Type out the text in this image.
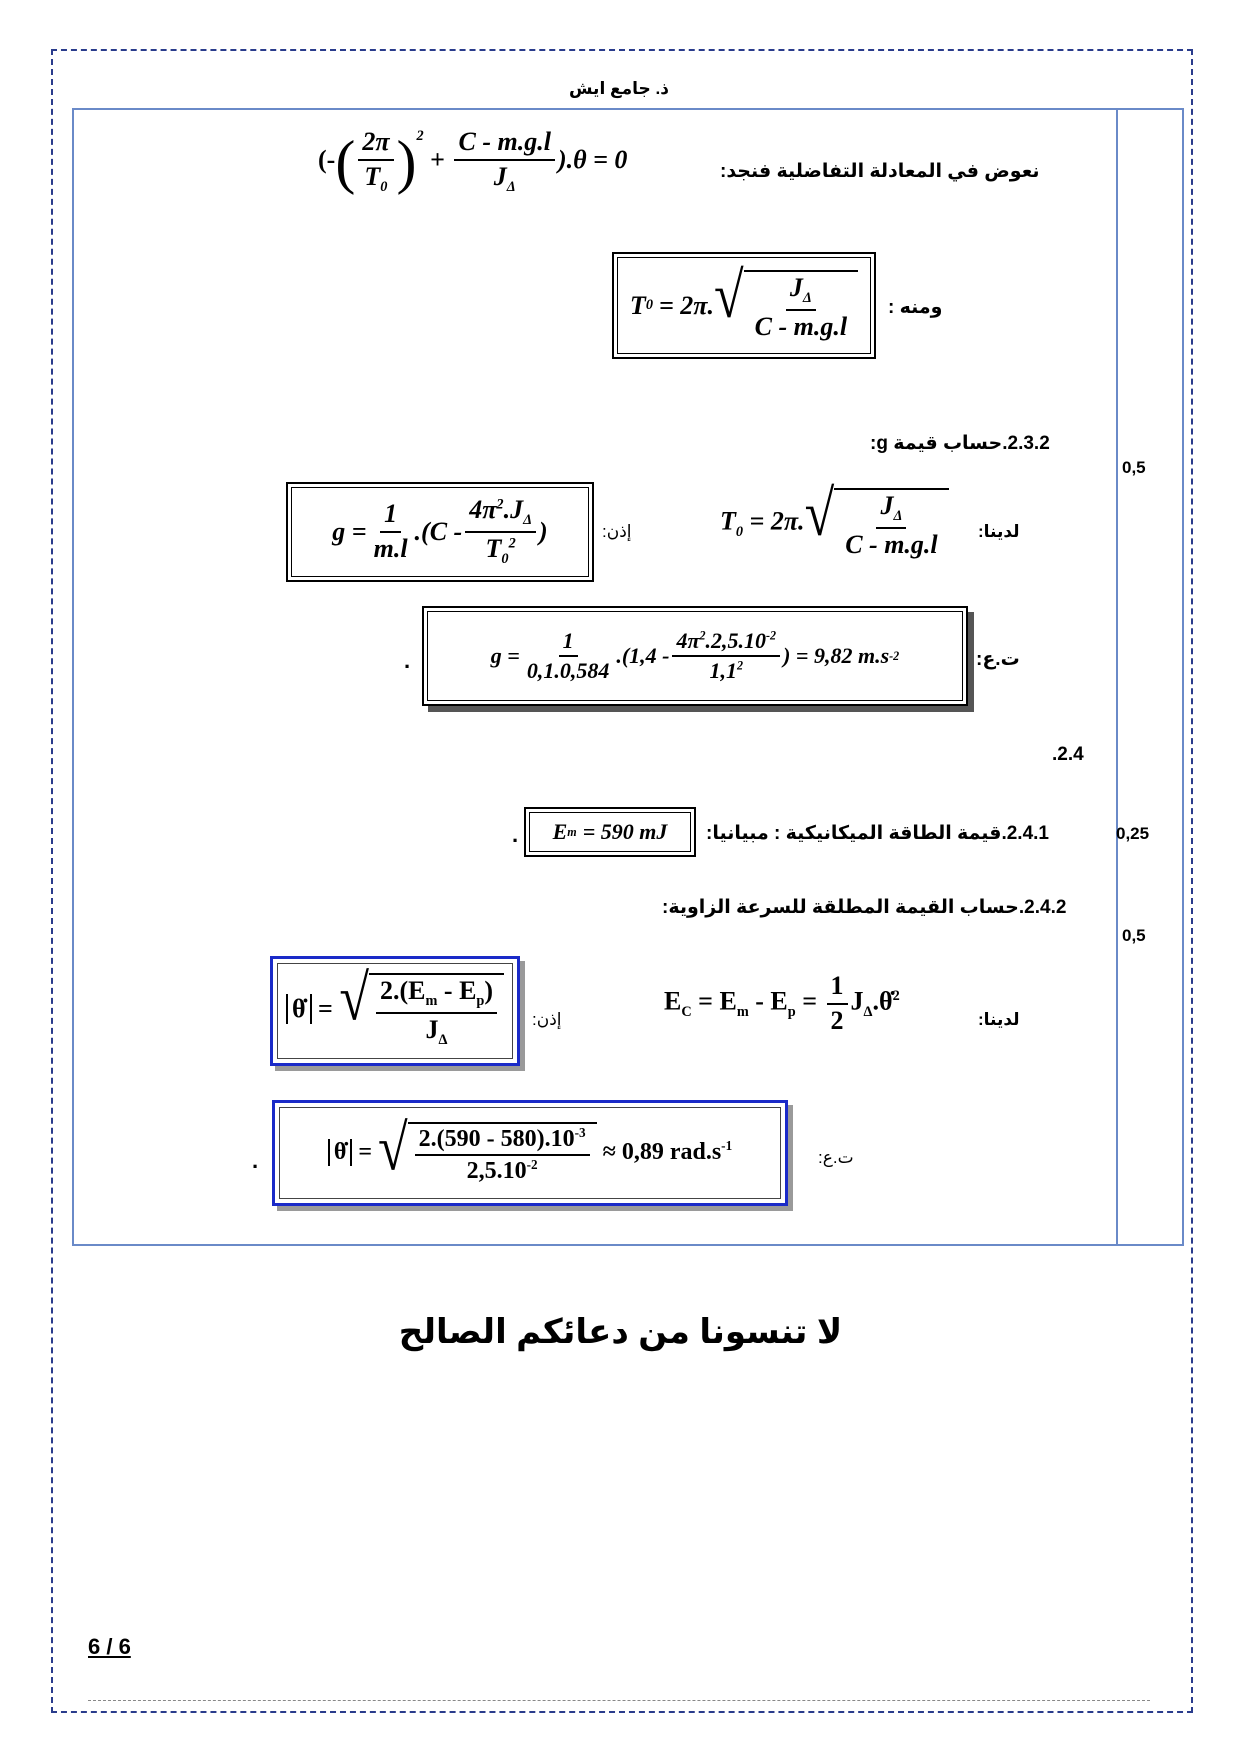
ذ. جامع ايش
نعوض في المعادلة التفاضلية فنجد:
(-( $\frac{2\pi}{T_0} )^2 + \frac{C - m.g.l}{J_\Delta} ).\theta = 0$
ومنه :
T 0 = 2π. √ $\frac{J_\Delta}{C - m.g.l}$
2.3.2.حساب قيمة g:
لدينا:
$T_0 = 2\pi$. √ $\frac{J_\Delta}{C - m.g.l}$
إذن:
$g = \frac{1}{m.l} .(C - \frac{4\pi^2.J_\Delta}{T_0^2}$ )
ت.ع:
$g = \frac{1}{0,1.0,584} .(1,4 - \frac{4\pi^2.2,5.10^{-2}}{1,1^2}$ ) = 9,82 m.s -2
.
2.4.
2.4.1.قيمة الطاقة الميكانيكية : مبيانيا:
E m = 590 mJ
.
2.4.2.حساب القيمة المطلقة للسرعة الزاوية:
لدينا:
$E_C = E_m - E_p = \frac{1}{2}$ $J_\Delta.\thetȧ^2$
إذن:
θ̇ = √ $\frac{2.(E_m - E_p)}{J_\Delta}$
ت.ع:
θ̇ = √ $\frac{2.(590 - 580).10^{-3}}{2,5.10^{-2}} \approx 0,89$ $rad.s^{-1}$
.
0,5
0,25
0,5
لا تنسونا من دعائكم الصالح
6 / 6
